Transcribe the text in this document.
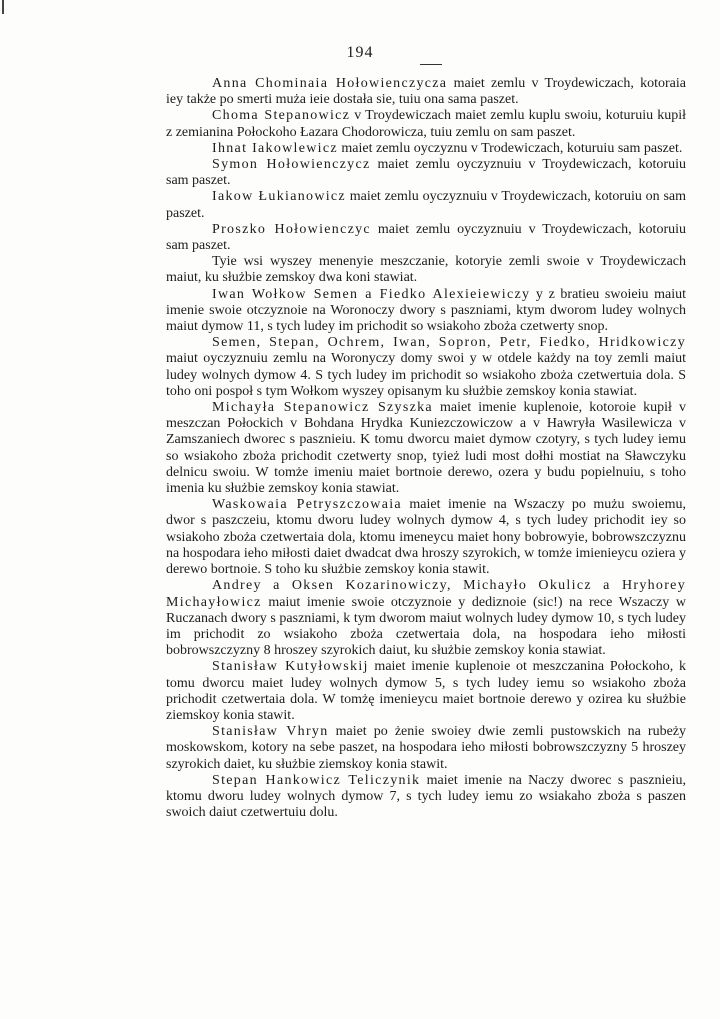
194

Anna Chominaia Hołowienczycza maiet zemlu v Troydewiczach, kotoraia iey także po smerti muża ieie dostała sie, tuiu ona sama paszet.

Choma Stepanowicz v Troydewiczach maiet zemlu kuplu swoiu, koturuiu kupił z zemianina Połockoho Łazara Chodorowicza, tuiu zemlu on sam paszet.

Ihnat Iakowlewicz maiet zemlu oyczyznu v Trodewiczach, koturuiu sam paszet.

Symon Hołowienczycz maiet zemlu oyczyznuiu v Troydewiczach, kotoruiu sam paszet.

Iakow Łukianowicz maiet zemlu oyczyznuiu v Troydewiczach, kotoruiu on sam paszet.

Proszko Hołowienczyc maiet zemlu oyczyznuiu v Troydewiczach, kotoruiu sam paszet.

Tyie wsi wyszey menenyie meszczanie, kotoryie zemli swoie v Troydewiczach maiut, ku służbie zemskoy dwa koni stawiat.

Iwan Wołkow Semen a Fiedko Alexieiewiczy y z bratieu swoieiu maiut imenie swoie otczyznoie na Woronoczy dwory s paszniami, ktym dworom ludey wolnych maiut dymow 11, s tych ludey im prichodit so wsiakoho zboża czetwerty snop.

Semen, Stepan, Ochrem, Iwan, Sopron, Petr, Fiedko, Hridkowiczy maiut oyczyznuiu zemlu na Woronyczy domy swoi y w otdele każdy na toy zemli maiut ludey wolnych dymow 4. S tych ludey im prichodit so wsiakoho zboża czetwertuia dola. S toho oni pospoł s tym Wołkom wyszey opisanym ku służbie zemskoy konia stawiat.

Michayła Stepanowicz Szyszka maiet imenie kuplenoie, kotoroie kupił v meszczan Połockich v Bohdana Hrydka Kuniezczowiczow a v Hawryła Wasilewicza v Zamszaniech dworec s pasznieiu. K tomu dworcu maiet dymow czotyry, s tych ludey iemu so wsiakoho zboża prichodit czetwerty snop, tyież ludi most dołhi mostiat na Sławczyku delnicu swoiu. W tomże imeniu maiet bortnoie derewo, ozera y budu popielnuiu, s toho imenia ku służbie zemskoy konia stawiat.

Waskowaia Petryszczowaia maiet imenie na Wszaczy po mużu swoiemu, dwor s paszczeiu, ktomu dworu ludey wolnych dymow 4, s tych ludey prichodit iey so wsiakoho zboża czetwertaia dola, ktomu imeneycu maiet hony bobrowyie, bobrowszczyznu na hospodara ieho miłosti daiet dwadcat dwa hroszy szyrokich, w tomże imienieycu oziera y derewo bortnoie. S toho ku służbie zemskoy konia stawit.

Andrey a Oksen Kozarinowiczy, Michayło Okulicz a Hryhorey Michayłowicz maiut imenie swoie otczyznoie y dediznoie (sic!) na rece Wszaczy w Ruczanach dwory s paszniami, k tym dworom maiut wolnych ludey dymow 10, s tych ludey im prichodit zo wsiakoho zboża czetwertaia dola, na hospodara ieho miłosti bobrowszczyzny 8 hroszey szyrokich daiut, ku służbie zemskoy konia stawiat.

Stanisław Kutyłowskij maiet imenie kuplenoie ot meszczanina Połockoho, k tomu dworcu maiet ludey wolnych dymow 5, s tych ludey iemu so wsiakoho zboża prichodit czetwertaia dola. W tomżę imenieycu maiet bortnoie derewo y ozirea ku służbie ziemskoy konia stawit.

Stanisław Vhryn maiet po żenie swoiey dwie zemli pustowskich na rubeży moskowskom, kotory na sebe paszet, na hospodara ieho miłosti bobrowszczyzny 5 hroszey szyrokich daiet, ku służbie ziemskoy konia stawit.

Stepan Hankowicz Teliczynik maiet imenie na Naczy dworec s pasznieiu, ktomu dworu ludey wolnych dymow 7, s tych ludey iemu zo wsiakaho zboża s paszen swoich daiut czetwertuiu dolu.
